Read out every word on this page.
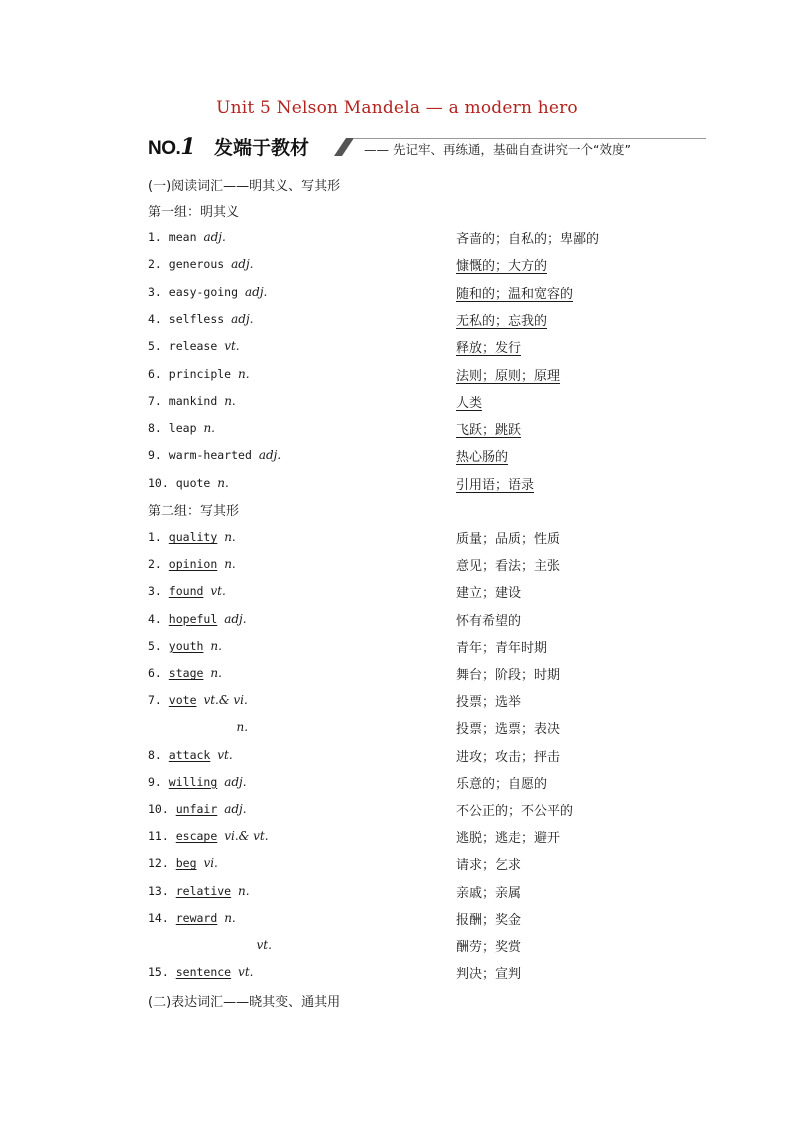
Unit 5 Nelson Mandela — a modern hero
NO.1 发端于教材	—— 先记牢、再练通，基础自查讲究一个“效度”
(一)阅读词汇——明其义、写其形
第一组：明其义
1. mean adj.	吝啬的；自私的；卑鄙的
2. generous adj.	慷慨的；大方的
3. easy-going adj.	随和的；温和宽容的
4. selfless adj.	无私的；忘我的
5. release vt.	释放；发行
6. principle n.	法则；原则；原理
7. mankind n.	人类
8. leap n.	飞跃；跳跃
9. warm-hearted adj.	热心肠的
10. quote n.	引用语；语录
第二组：写其形
1. quality n.	质量；品质；性质
2. opinion n.	意见；看法；主张
3. found vt.	建立；建设
4. hopeful adj.	怀有希望的
5. youth n.	青年；青年时期
6. stage n.	舞台；阶段；时期
7. vote vt.& vi.	投票；选举
n.	投票；选票；表决
8. attack vt.	进攻；攻击；抨击
9. willing adj.	乐意的；自愿的
10. unfair adj.	不公正的；不公平的
11. escape vi.& vt.	逃脱；逃走；避开
12. beg vi.	请求；乞求
13. relative n.	亲戚；亲属
14. reward n.	报酬；奖金
vt.	酬劳；奖赏
15. sentence vt.	判决；宣判
(二)表达词汇——晓其变、通其用
